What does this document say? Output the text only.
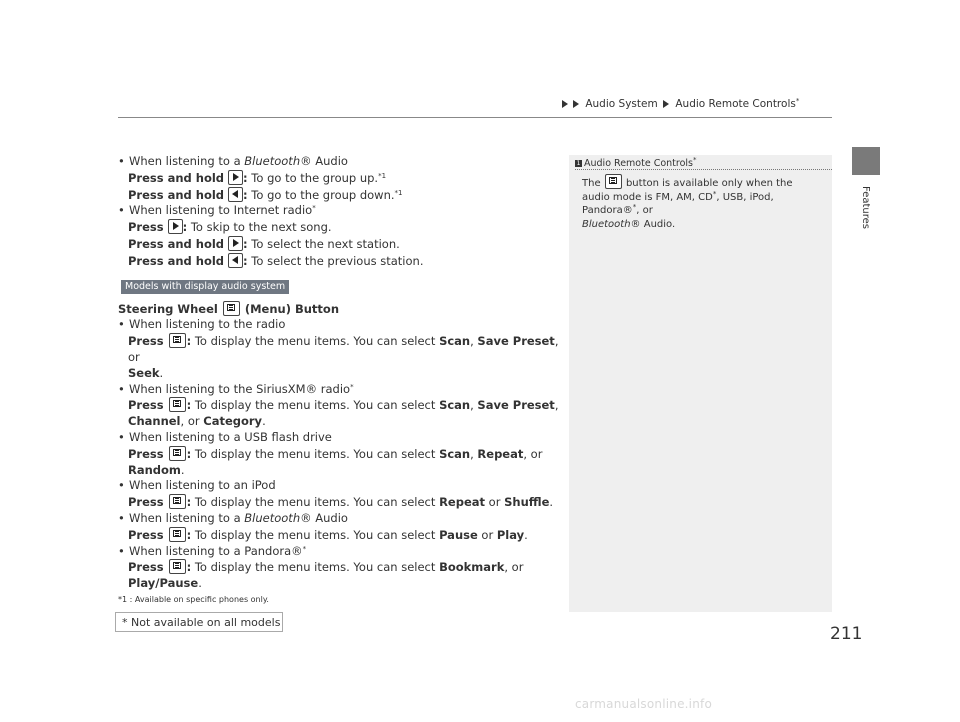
Audio System Audio Remote Controls*
Features

• When listening to a Bluetooth® Audio

Press and hold : To go to the group up.$^{*1}$

Press and hold : To go to the group down.$^{*1}$

• When listening to Internet radio*

Press : To skip to the next song.

Press and hold : To select the next station.

Press and hold : To select the previous station.

Models with display audio system

Steering Wheel  (Menu) Button

• When listening to the radio

Press : To display the menu items. You can select Scan, Save Preset, or

Seek.

• When listening to the SiriusXM® radio*

Press : To display the menu items. You can select Scan, Save Preset,

Channel, or Category.

• When listening to a USB flash drive

Press : To display the menu items. You can select Scan, Repeat, or Random.

• When listening to an iPod

Press : To display the menu items. You can select Repeat or Shuffle.

• When listening to a Bluetooth® Audio

Press : To display the menu items. You can select Pause or Play.

• When listening to a Pandora®*

Press : To display the menu items. You can select Bookmark, or Play/Pause.

*1 : Available on specific phones only.
1 Audio Remote Controls*
The  button is available only when the audio mode is FM, AM, CD*, USB, iPod, Pandora®*, or
Bluetooth® Audio.
211
* Not available on all models
carmanualsonline.info
